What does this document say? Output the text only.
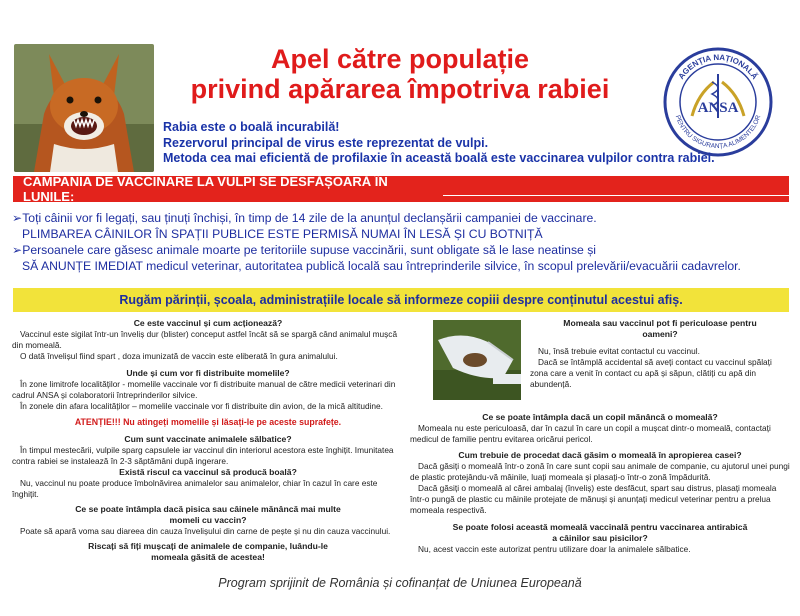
Apel către populație
privind apărarea împotriva rabiei
ANSA
AGENȚIA NAȚIONALĂ
PENTRU SIGURANȚA ALIMENTELOR
Rabia este o boală incurabilă!
Rezervorul principal de virus este reprezentat de vulpi.
Metoda cea mai eficientă de profilaxie în această boală este vaccinarea vulpilor contra rabiei.
CAMPANIA DE VACCINARE LA VULPI SE DESFĂȘOARĂ ÎN LUNILE:
➢Toți câinii vor fi legați, sau ținuți închiși, în timp de 14 zile de la anunțul declanșării campaniei de vaccinare.
PLIMBAREA CÂINILOR ÎN SPAȚII PUBLICE ESTE PERMISĂ NUMAI ÎN LESĂ ȘI CU BOTNIȚĂ
➢Persoanele care găsesc animale moarte pe teritoriile supuse vaccinării, sunt obligate să le lase neatinse și
SĂ ANUNȚE IMEDIAT medicul veterinar, autoritatea publică locală sau întreprinderile silvice, în scopul prelevării/evacuării cadavrelor.
Rugăm părinții, școala, administrațiile locale să informeze copiii despre conținutul acestui afiș.
Ce este vaccinul și cum acționează?
Vaccinul este sigilat într-un înveliș dur (blister) conceput astfel încât să se spargă când animalul mușcă din momeală.
O dată învelișul fiind spart , doza imunizată de vaccin este eliberată în gura animalului.
Unde și cum vor fi distribuite momelile?
În zone limitrofe localităților - momelile vaccinale vor fi distribuite manual de către medicii veterinari din cadrul ANSA și colaboratorii întreprinderilor silvice.
În zonele din afara localităților – momelile vaccinale vor fi distribuite din avion, de la mică altitudine.
ATENȚIE!!! Nu atingeți momelile și lăsați-le pe aceste suprafețe.
Cum sunt vaccinate animalele sălbatice?
În timpul mestecării, vulpile sparg capsulele iar vaccinul din interiorul acestora este înghițit. Imunitatea contra rabiei se instalează în 2-3 săptămâni după ingerare.
Există riscul ca vaccinul să producă boală?
Nu, vaccinul nu poate produce îmbolnăvirea animalelor sau animalelor, chiar în cazul în care este înghițit.
Ce se poate întâmpla dacă pisica sau câinele mănâncă mai multe momeli cu vaccin?
Poate să apară voma sau diareea din cauza învelișului din carne de pește și nu din cauza vaccinului.
Riscați să fiți mușcați de animalele de companie, luându-le momeala găsită de acestea!
Momeala sau vaccinul pot fi periculoase pentru oameni?
Nu, însă trebuie evitat contactul cu vaccinul.
Dacă se întâmplă accidental să aveți contact cu vaccinul spălați zona care a venit în contact cu apă și săpun, clătiți cu apă din abundență.
Ce se poate întâmpla dacă un copil mănâncă o momeală?
Momeala nu este periculoasă, dar în cazul în care un copil a mușcat dintr-o momeală, contactați medicul de familie pentru evitarea oricărui pericol.
Cum trebuie de procedat dacă găsim o momeală în apropierea casei?
Dacă găsiți o momeală într-o zonă în care sunt copii sau animale de companie, cu ajutorul unei pungi de plastic protejându-vă mâinile, luați momeala și plasați-o într-o zonă împădurită.
Dacă găsiți o momeală al cărei ambalaj (înveliș) este desfăcut, spart sau distrus, plasați momeala într-o pungă de plastic cu mâinile protejate de mănuși și anunțați medicul veterinar pentru a prelua momeala respectivă.
Se poate folosi această momeală vaccinală pentru vaccinarea antirabică a câinilor sau pisicilor?
Nu, acest vaccin este autorizat pentru utilizare doar la animalele sălbatice.
Program sprijinit de România și cofinanțat de Uniunea Europeană
